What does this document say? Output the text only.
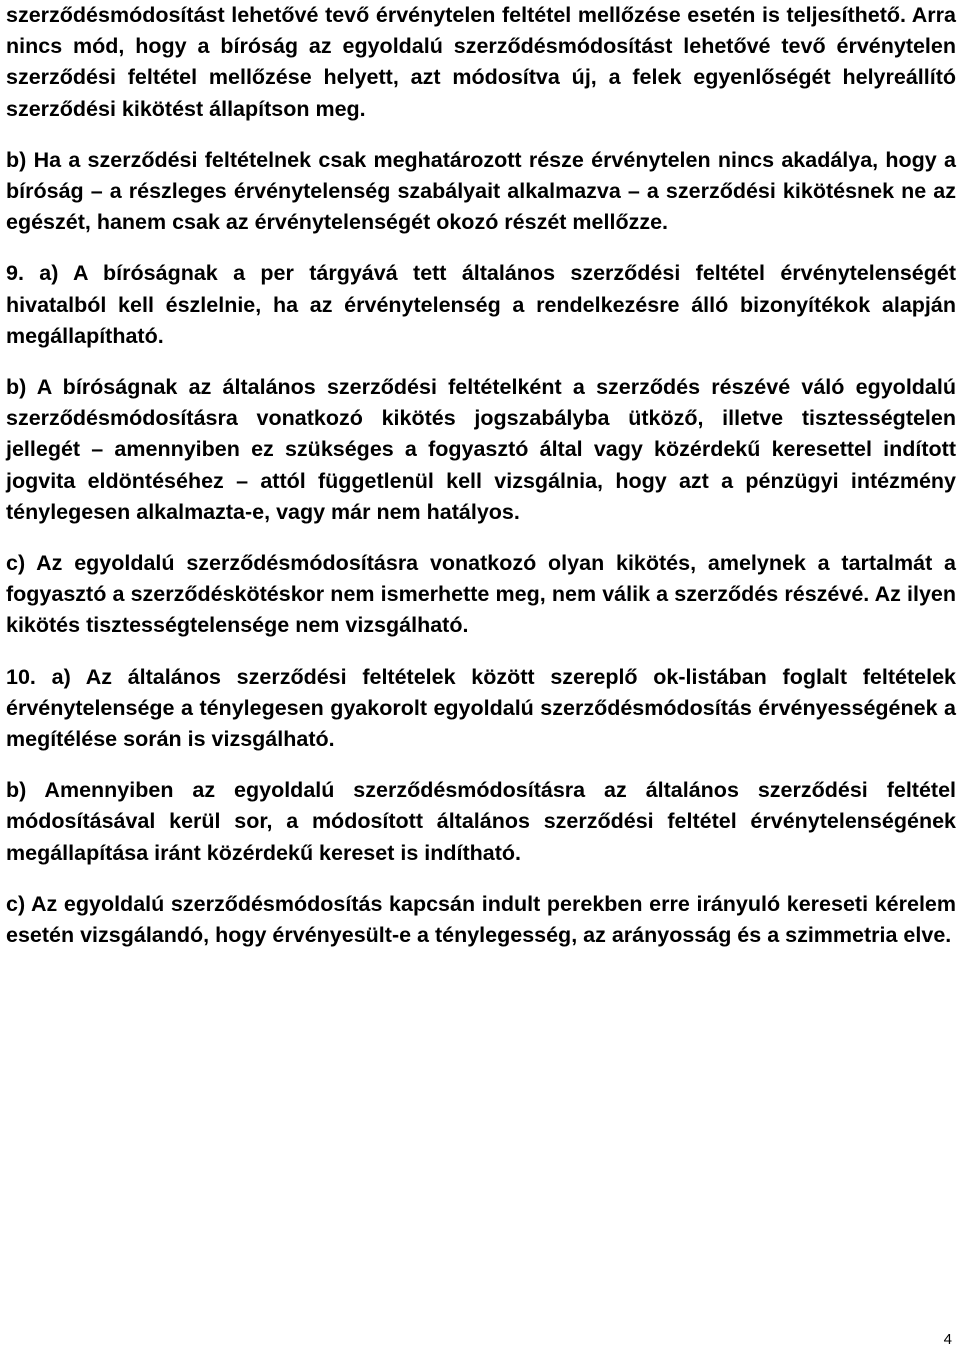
szerződésmódosítást lehetővé tevő érvénytelen feltétel mellőzése esetén is teljesíthető. Arra nincs mód, hogy a bíróság az egyoldalú szerződésmódosítást lehetővé tevő érvénytelen szerződési feltétel mellőzése helyett, azt módosítva új, a felek egyenlőségét helyreállító szerződési kikötést állapítson meg.

b) Ha a szerződési feltételnek csak meghatározott része érvénytelen nincs akadálya, hogy a bíróság – a részleges érvénytelenség szabályait alkalmazva – a szerződési kikötésnek ne az egészét, hanem csak az érvénytelenségét okozó részét mellőzze.

9. a) A bíróságnak a per tárgyává tett általános szerződési feltétel érvénytelenségét hivatalból kell észlelnie, ha az érvénytelenség a rendelkezésre álló bizonyítékok alapján megállapítható.

b) A bíróságnak az általános szerződési feltételként a szerződés részévé váló egyoldalú szerződésmódosításra vonatkozó kikötés jogszabályba ütköző, illetve tisztességtelen jellegét – amennyiben ez szükséges a fogyasztó által vagy közérdekű keresettel indított jogvita eldöntéséhez – attól függetlenül kell vizsgálnia, hogy azt a pénzügyi intézmény ténylegesen alkalmazta-e, vagy már nem hatályos.

c) Az egyoldalú szerződésmódosításra vonatkozó olyan kikötés, amelynek a tartalmát a fogyasztó a szerződéskötéskor nem ismerhette meg, nem válik a szerződés részévé. Az ilyen kikötés tisztességtelensége nem vizsgálható.

10. a) Az általános szerződési feltételek között szereplő ok-listában foglalt feltételek érvénytelensége a ténylegesen gyakorolt egyoldalú szerződésmódosítás érvényességének a megítélése során is vizsgálható.

b) Amennyiben az egyoldalú szerződésmódosításra az általános szerződési feltétel módosításával kerül sor, a módosított általános szerződési feltétel érvénytelenségének megállapítása iránt közérdekű kereset is indítható.

c) Az egyoldalú szerződésmódosítás kapcsán indult perekben erre irányuló kereseti kérelem esetén vizsgálandó, hogy érvényesült-e a ténylegesség, az arányosság és a szimmetria elve.

4
